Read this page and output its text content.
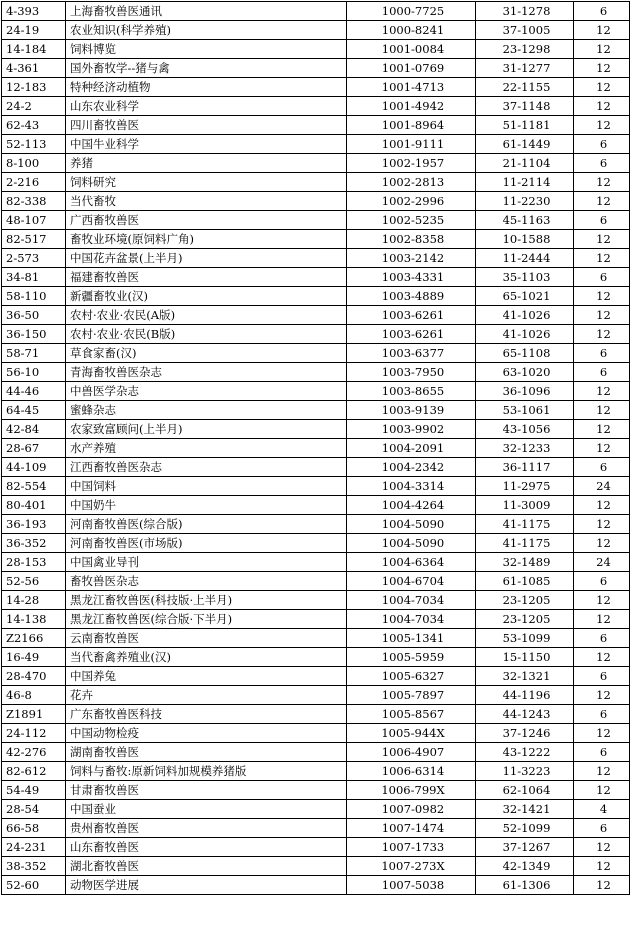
4-393	上海畜牧兽医通讯	1000-7725	31-1278	6
24-19	农业知识(科学养殖)	1000-8241	37-1005	12
14-184	饲料博览	1001-0084	23-1298	12
4-361	国外畜牧学--猪与禽	1001-0769	31-1277	12
12-183	特种经济动植物	1001-4713	22-1155	12
24-2	山东农业科学	1001-4942	37-1148	12
62-43	四川畜牧兽医	1001-8964	51-1181	12
52-113	中国牛业科学	1001-9111	61-1449	6
8-100	养猪	1002-1957	21-1104	6
2-216	饲料研究	1002-2813	11-2114	12
82-338	当代畜牧	1002-2996	11-2230	12
48-107	广西畜牧兽医	1002-5235	45-1163	6
82-517	畜牧业环境(原饲料广角)	1002-8358	10-1588	12
2-573	中国花卉盆景(上半月)	1003-2142	11-2444	12
34-81	福建畜牧兽医	1003-4331	35-1103	6
58-110	新疆畜牧业(汉)	1003-4889	65-1021	12
36-50	农村·农业·农民(A版)	1003-6261	41-1026	12
36-150	农村·农业·农民(B版)	1003-6261	41-1026	12
58-71	草食家畜(汉)	1003-6377	65-1108	6
56-10	青海畜牧兽医杂志	1003-7950	63-1020	6
44-46	中兽医学杂志	1003-8655	36-1096	12
64-45	蜜蜂杂志	1003-9139	53-1061	12
42-84	农家致富顾问(上半月)	1003-9902	43-1056	12
28-67	水产养殖	1004-2091	32-1233	12
44-109	江西畜牧兽医杂志	1004-2342	36-1117	6
82-554	中国饲料	1004-3314	11-2975	24
80-401	中国奶牛	1004-4264	11-3009	12
36-193	河南畜牧兽医(综合版)	1004-5090	41-1175	12
36-352	河南畜牧兽医(市场版)	1004-5090	41-1175	12
28-153	中国禽业导刊	1004-6364	32-1489	24
52-56	畜牧兽医杂志	1004-6704	61-1085	6
14-28	黑龙江畜牧兽医(科技版·上半月)	1004-7034	23-1205	12
14-138	黑龙江畜牧兽医(综合版·下半月)	1004-7034	23-1205	12
Z2166	云南畜牧兽医	1005-1341	53-1099	6
16-49	当代畜禽养殖业(汉)	1005-5959	15-1150	12
28-470	中国养兔	1005-6327	32-1321	6
46-8	花卉	1005-7897	44-1196	12
Z1891	广东畜牧兽医科技	1005-8567	44-1243	6
24-112	中国动物检疫	1005-944X	37-1246	12
42-276	湖南畜牧兽医	1006-4907	43-1222	6
82-612	饲料与畜牧:原新饲料加规模养猪版	1006-6314	11-3223	12
54-49	甘肃畜牧兽医	1006-799X	62-1064	12
28-54	中国蚕业	1007-0982	32-1421	4
66-58	贵州畜牧兽医	1007-1474	52-1099	6
24-231	山东畜牧兽医	1007-1733	37-1267	12
38-352	湖北畜牧兽医	1007-273X	42-1349	12
52-60	动物医学进展	1007-5038	61-1306	12
